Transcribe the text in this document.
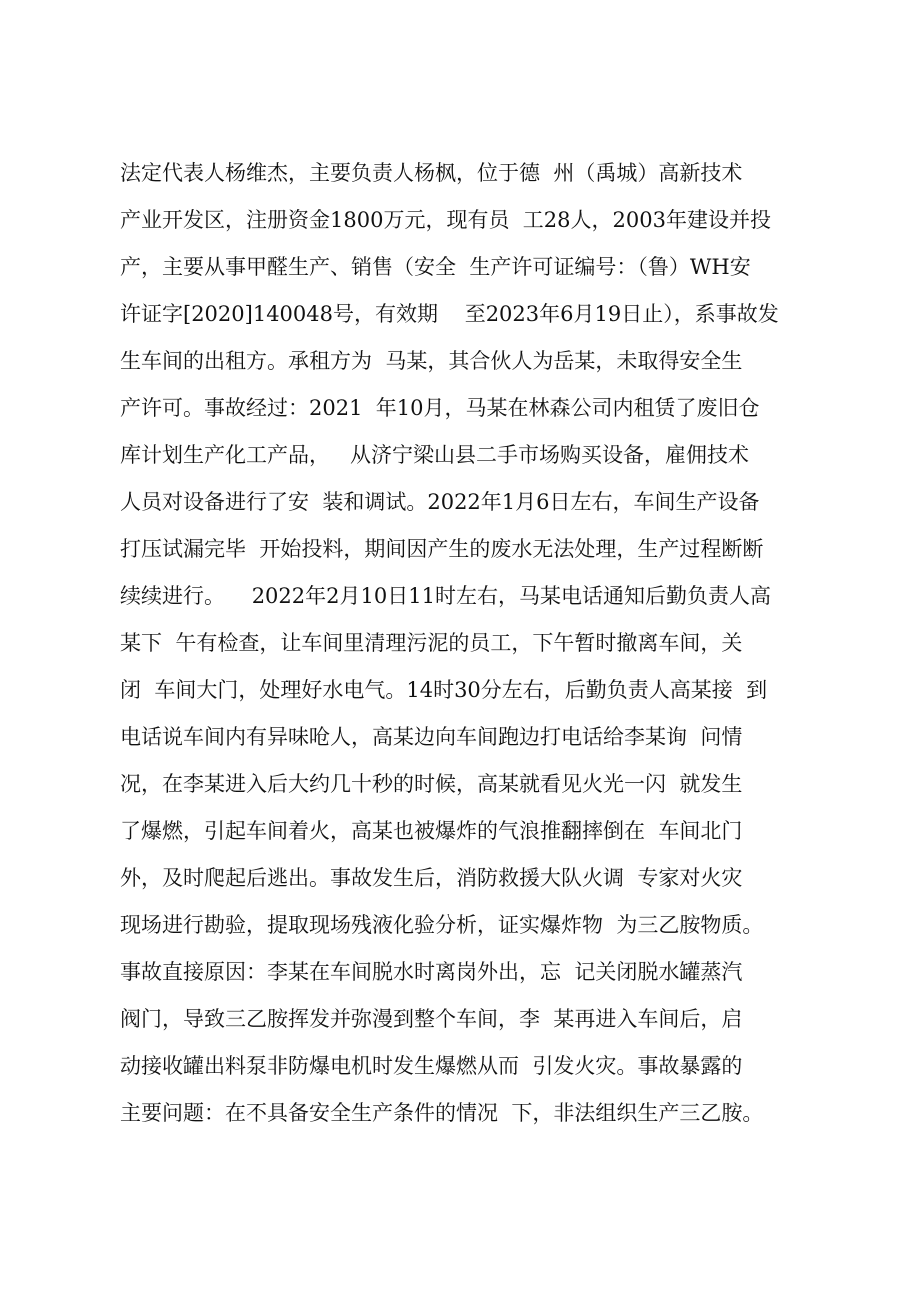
法定代表人杨维杰，主要负责人杨枫，位于德  州（禹城）高新技术
产业开发区，注册资金1800万元，现有员  工28人，2003年建设并投
产，主要从事甲醛生产、销售（安全  生产许可证编号：（鲁）WH安
许证字[2020]140048号，有效期    至2023年6月19日止），系事故发
生车间的出租方。承租方为  马某，其合伙人为岳某，未取得安全生
产许可。事故经过：2021  年10月，马某在林森公司内租赁了废旧仓
库计划生产化工产品，   从济宁梁山县二手市场购买设备，雇佣技术
人员对设备进行了安  装和调试。2022年1月6日左右，车间生产设备
打压试漏完毕  开始投料，期间因产生的废水无法处理，生产过程断断
续续进行。    2022年2月10日11时左右，马某电话通知后勤负责人高
某下  午有检查，让车间里清理污泥的员工，下午暂时撤离车间，关
闭  车间大门，处理好水电气。14时30分左右，后勤负责人高某接  到
电话说车间内有异味呛人，高某边向车间跑边打电话给李某询  问情
况，在李某进入后大约几十秒的时候，高某就看见火光一闪  就发生
了爆燃，引起车间着火，高某也被爆炸的气浪推翻摔倒在  车间北门
外，及时爬起后逃出。事故发生后，消防救援大队火调  专家对火灾
现场进行勘验，提取现场残液化验分析，证实爆炸物  为三乙胺物质。
事故直接原因：李某在车间脱水时离岗外出，忘  记关闭脱水罐蒸汽
阀门，导致三乙胺挥发并弥漫到整个车间，李  某再进入车间后，启
动接收罐出料泵非防爆电机时发生爆燃从而  引发火灾。事故暴露的
主要问题：在不具备安全生产条件的情况  下，非法组织生产三乙胺。
